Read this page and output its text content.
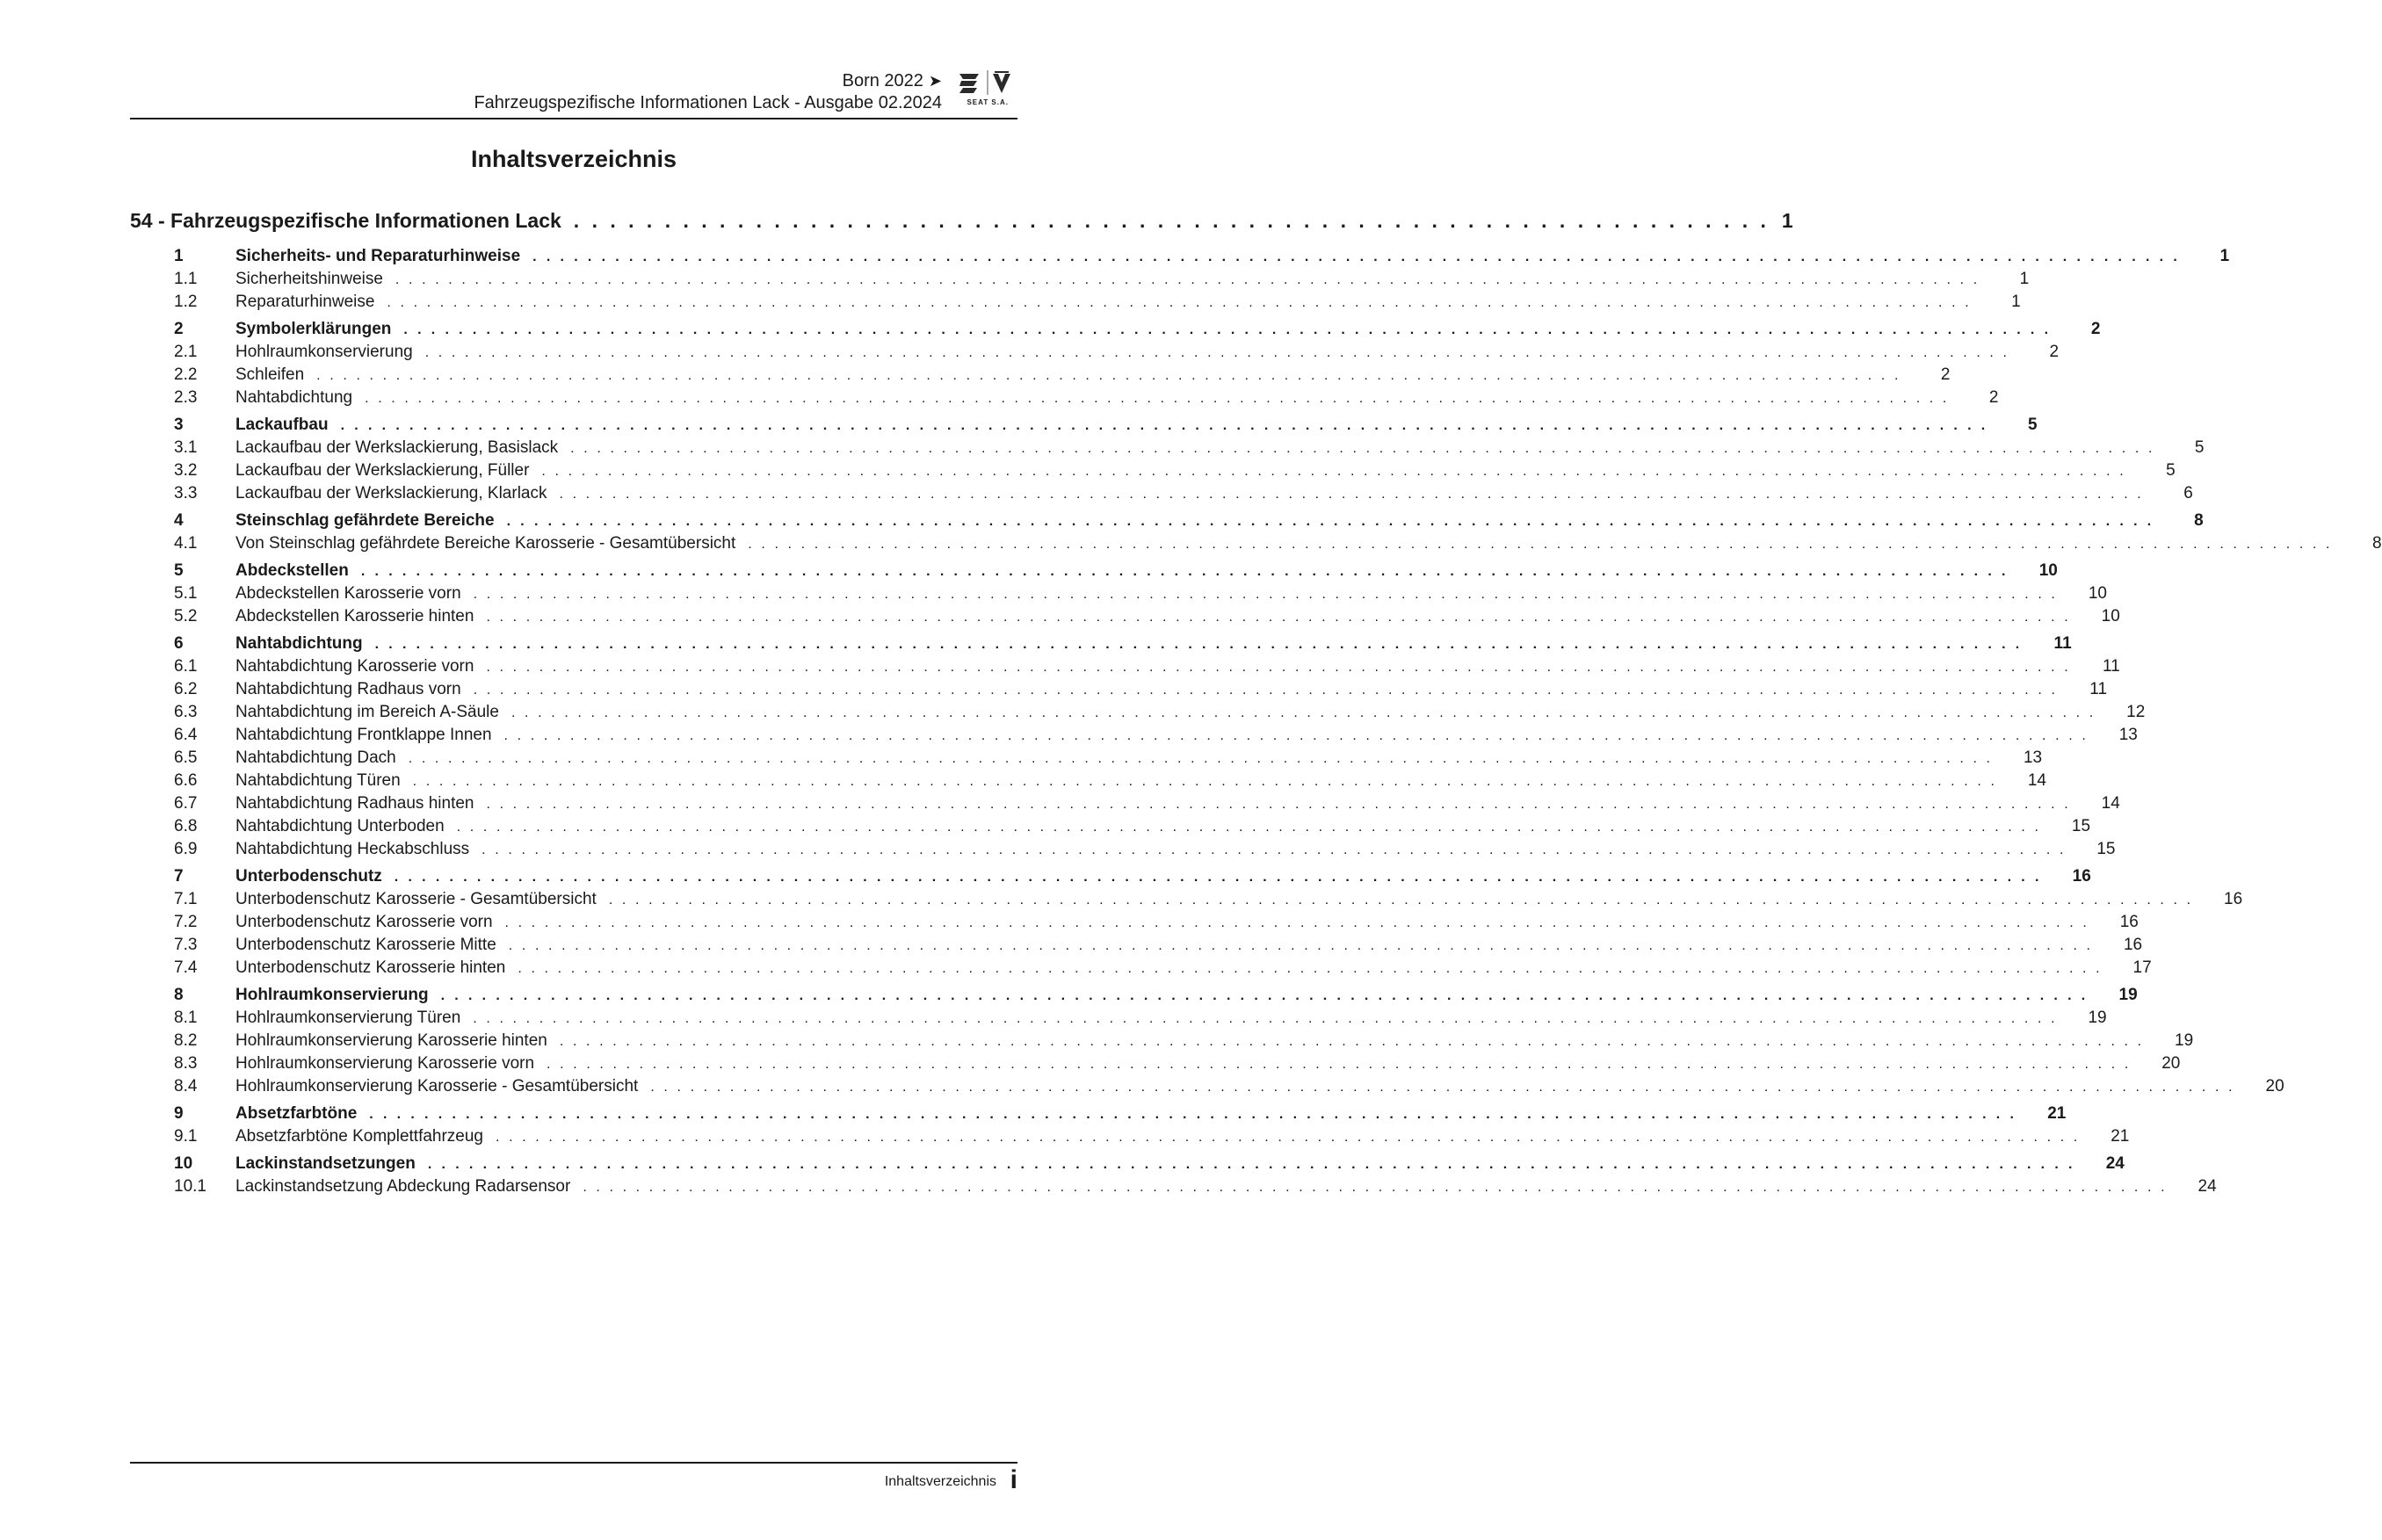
Born 2022 ➤
Fahrzeugspezifische Informationen Lack - Ausgabe 02.2024	SEAT S.A.
Inhaltsverzeichnis
54 - Fahrzeugspezifische Informationen Lack . . . . . . . . . . . . . . . . . . . . . . . . . . . . . . . . . . . . . . . . . . . . . . . . . . . . . . . . . . . . . . . . . . 1
1	Sicherheits- und Reparaturhinweise . . . . . . . . . . . . . . . . . . . . . . . . . . . . . . . . . . . . . . . . . . . . . . . . . . . . . . . . . . . . . . . . . . . . . . . . . . . . . . . . . . . . . . . . . . . . . . . . . . . . . . . . . . . . . . . . . . . . . . . .	1
1.1	Sicherheitshinweise . . . . . . . . . . . . . . . . . . . . . . . . . . . . . . . . . . . . . . . . . . . . . . . . . . . . . . . . . . . . . . . . . . . . . . . . . . . . . . . . . . . . . . . . . . . . . . . . . . . . . . . . . . . . . . . . . . . . . . . .	1
1.2	Reparaturhinweise . . . . . . . . . . . . . . . . . . . . . . . . . . . . . . . . . . . . . . . . . . . . . . . . . . . . . . . . . . . . . . . . . . . . . . . . . . . . . . . . . . . . . . . . . . . . . . . . . . . . . . . . . . . . . . . . . . . . . . . .	1
2	Symbolerklärungen . . . . . . . . . . . . . . . . . . . . . . . . . . . . . . . . . . . . . . . . . . . . . . . . . . . . . . . . . . . . . . . . . . . . . . . . . . . . . . . . . . . . . . . . . . . . . . . . . . . . . . . . . . . . . . . . . . . . . . . .	2
2.1	Hohlraumkonservierung . . . . . . . . . . . . . . . . . . . . . . . . . . . . . . . . . . . . . . . . . . . . . . . . . . . . . . . . . . . . . . . . . . . . . . . . . . . . . . . . . . . . . . . . . . . . . . . . . . . . . . . . . . . . . . . . . . . . . . . .	2
2.2	Schleifen . . . . . . . . . . . . . . . . . . . . . . . . . . . . . . . . . . . . . . . . . . . . . . . . . . . . . . . . . . . . . . . . . . . . . . . . . . . . . . . . . . . . . . . . . . . . . . . . . . . . . . . . . . . . . . . . . . . . . . . .	2
2.3	Nahtabdichtung . . . . . . . . . . . . . . . . . . . . . . . . . . . . . . . . . . . . . . . . . . . . . . . . . . . . . . . . . . . . . . . . . . . . . . . . . . . . . . . . . . . . . . . . . . . . . . . . . . . . . . . . . . . . . . . . . . . . . . . .	2
3	Lackaufbau . . . . . . . . . . . . . . . . . . . . . . . . . . . . . . . . . . . . . . . . . . . . . . . . . . . . . . . . . . . . . . . . . . . . . . . . . . . . . . . . . . . . . . . . . . . . . . . . . . . . . . . . . . . . . . . . . . . . . . . .	5
3.1	Lackaufbau der Werkslackierung, Basislack . . . . . . . . . . . . . . . . . . . . . . . . . . . . . . . . . . . . . . . . . . . . . . . . . . . . . . . . . . . . . . . . . . . . . . . . . . . . . . . . . . . . . . . . . . . . . . . . . . . . . . . . . . . . . . . . . . . . . . . .	5
3.2	Lackaufbau der Werkslackierung, Füller . . . . . . . . . . . . . . . . . . . . . . . . . . . . . . . . . . . . . . . . . . . . . . . . . . . . . . . . . . . . . . . . . . . . . . . . . . . . . . . . . . . . . . . . . . . . . . . . . . . . . . . . . . . . . . . . . . . . . . . .	5
3.3	Lackaufbau der Werkslackierung, Klarlack . . . . . . . . . . . . . . . . . . . . . . . . . . . . . . . . . . . . . . . . . . . . . . . . . . . . . . . . . . . . . . . . . . . . . . . . . . . . . . . . . . . . . . . . . . . . . . . . . . . . . . . . . . . . . . . . . . . . . . . .	6
4	Steinschlag gefährdete Bereiche . . . . . . . . . . . . . . . . . . . . . . . . . . . . . . . . . . . . . . . . . . . . . . . . . . . . . . . . . . . . . . . . . . . . . . . . . . . . . . . . . . . . . . . . . . . . . . . . . . . . . . . . . . . . . . . . . . . . . . . .	8
4.1	Von Steinschlag gefährdete Bereiche Karosserie - Gesamtübersicht . . . . . . . . . . . . . . . . . . . . . . . . . . . . . . . . . . . . . . . . . . . . . . . . . . . . . . . . . . . . . . . . . . . . . . . . . . . . . . . . . . . . . . . . . . . . . . . . . . . . . . . . . . . . . . . . . . . . . . . .	8
5	Abdeckstellen . . . . . . . . . . . . . . . . . . . . . . . . . . . . . . . . . . . . . . . . . . . . . . . . . . . . . . . . . . . . . . . . . . . . . . . . . . . . . . . . . . . . . . . . . . . . . . . . . . . . . . . . . . . . . . . . . . . . . . . .	10
5.1	Abdeckstellen Karosserie vorn . . . . . . . . . . . . . . . . . . . . . . . . . . . . . . . . . . . . . . . . . . . . . . . . . . . . . . . . . . . . . . . . . . . . . . . . . . . . . . . . . . . . . . . . . . . . . . . . . . . . . . . . . . . . . . . . . . . . . . . .	10
5.2	Abdeckstellen Karosserie hinten . . . . . . . . . . . . . . . . . . . . . . . . . . . . . . . . . . . . . . . . . . . . . . . . . . . . . . . . . . . . . . . . . . . . . . . . . . . . . . . . . . . . . . . . . . . . . . . . . . . . . . . . . . . . . . . . . . . . . . . .	10
6	Nahtabdichtung . . . . . . . . . . . . . . . . . . . . . . . . . . . . . . . . . . . . . . . . . . . . . . . . . . . . . . . . . . . . . . . . . . . . . . . . . . . . . . . . . . . . . . . . . . . . . . . . . . . . . . . . . . . . . . . . . . . . . . . .	11
6.1	Nahtabdichtung Karosserie vorn . . . . . . . . . . . . . . . . . . . . . . . . . . . . . . . . . . . . . . . . . . . . . . . . . . . . . . . . . . . . . . . . . . . . . . . . . . . . . . . . . . . . . . . . . . . . . . . . . . . . . . . . . . . . . . . . . . . . . . . .	11
6.2	Nahtabdichtung Radhaus vorn . . . . . . . . . . . . . . . . . . . . . . . . . . . . . . . . . . . . . . . . . . . . . . . . . . . . . . . . . . . . . . . . . . . . . . . . . . . . . . . . . . . . . . . . . . . . . . . . . . . . . . . . . . . . . . . . . . . . . . . .	11
6.3	Nahtabdichtung im Bereich A-Säule . . . . . . . . . . . . . . . . . . . . . . . . . . . . . . . . . . . . . . . . . . . . . . . . . . . . . . . . . . . . . . . . . . . . . . . . . . . . . . . . . . . . . . . . . . . . . . . . . . . . . . . . . . . . . . . . . . . . . . . .	12
6.4	Nahtabdichtung Frontklappe Innen . . . . . . . . . . . . . . . . . . . . . . . . . . . . . . . . . . . . . . . . . . . . . . . . . . . . . . . . . . . . . . . . . . . . . . . . . . . . . . . . . . . . . . . . . . . . . . . . . . . . . . . . . . . . . . . . . . . . . . . .	13
6.5	Nahtabdichtung Dach . . . . . . . . . . . . . . . . . . . . . . . . . . . . . . . . . . . . . . . . . . . . . . . . . . . . . . . . . . . . . . . . . . . . . . . . . . . . . . . . . . . . . . . . . . . . . . . . . . . . . . . . . . . . . . . . . . . . . . . .	13
6.6	Nahtabdichtung Türen . . . . . . . . . . . . . . . . . . . . . . . . . . . . . . . . . . . . . . . . . . . . . . . . . . . . . . . . . . . . . . . . . . . . . . . . . . . . . . . . . . . . . . . . . . . . . . . . . . . . . . . . . . . . . . . . . . . . . . . .	14
6.7	Nahtabdichtung Radhaus hinten . . . . . . . . . . . . . . . . . . . . . . . . . . . . . . . . . . . . . . . . . . . . . . . . . . . . . . . . . . . . . . . . . . . . . . . . . . . . . . . . . . . . . . . . . . . . . . . . . . . . . . . . . . . . . . . . . . . . . . . .	14
6.8	Nahtabdichtung Unterboden . . . . . . . . . . . . . . . . . . . . . . . . . . . . . . . . . . . . . . . . . . . . . . . . . . . . . . . . . . . . . . . . . . . . . . . . . . . . . . . . . . . . . . . . . . . . . . . . . . . . . . . . . . . . . . . . . . . . . . . .	15
6.9	Nahtabdichtung Heckabschluss . . . . . . . . . . . . . . . . . . . . . . . . . . . . . . . . . . . . . . . . . . . . . . . . . . . . . . . . . . . . . . . . . . . . . . . . . . . . . . . . . . . . . . . . . . . . . . . . . . . . . . . . . . . . . . . . . . . . . . . .	15
7	Unterbodenschutz . . . . . . . . . . . . . . . . . . . . . . . . . . . . . . . . . . . . . . . . . . . . . . . . . . . . . . . . . . . . . . . . . . . . . . . . . . . . . . . . . . . . . . . . . . . . . . . . . . . . . . . . . . . . . . . . . . . . . . . .	16
7.1	Unterbodenschutz Karosserie - Gesamtübersicht . . . . . . . . . . . . . . . . . . . . . . . . . . . . . . . . . . . . . . . . . . . . . . . . . . . . . . . . . . . . . . . . . . . . . . . . . . . . . . . . . . . . . . . . . . . . . . . . . . . . . . . . . . . . . . . . . . . . . . . .	16
7.2	Unterbodenschutz Karosserie vorn . . . . . . . . . . . . . . . . . . . . . . . . . . . . . . . . . . . . . . . . . . . . . . . . . . . . . . . . . . . . . . . . . . . . . . . . . . . . . . . . . . . . . . . . . . . . . . . . . . . . . . . . . . . . . . . . . . . . . . . .	16
7.3	Unterbodenschutz Karosserie Mitte . . . . . . . . . . . . . . . . . . . . . . . . . . . . . . . . . . . . . . . . . . . . . . . . . . . . . . . . . . . . . . . . . . . . . . . . . . . . . . . . . . . . . . . . . . . . . . . . . . . . . . . . . . . . . . . . . . . . . . . .	16
7.4	Unterbodenschutz Karosserie hinten . . . . . . . . . . . . . . . . . . . . . . . . . . . . . . . . . . . . . . . . . . . . . . . . . . . . . . . . . . . . . . . . . . . . . . . . . . . . . . . . . . . . . . . . . . . . . . . . . . . . . . . . . . . . . . . . . . . . . . . .	17
8	Hohlraumkonservierung . . . . . . . . . . . . . . . . . . . . . . . . . . . . . . . . . . . . . . . . . . . . . . . . . . . . . . . . . . . . . . . . . . . . . . . . . . . . . . . . . . . . . . . . . . . . . . . . . . . . . . . . . . . . . . . . . . . . . . . .	19
8.1	Hohlraumkonservierung Türen . . . . . . . . . . . . . . . . . . . . . . . . . . . . . . . . . . . . . . . . . . . . . . . . . . . . . . . . . . . . . . . . . . . . . . . . . . . . . . . . . . . . . . . . . . . . . . . . . . . . . . . . . . . . . . . . . . . . . . . .	19
8.2	Hohlraumkonservierung Karosserie hinten . . . . . . . . . . . . . . . . . . . . . . . . . . . . . . . . . . . . . . . . . . . . . . . . . . . . . . . . . . . . . . . . . . . . . . . . . . . . . . . . . . . . . . . . . . . . . . . . . . . . . . . . . . . . . . . . . . . . . . . .	19
8.3	Hohlraumkonservierung Karosserie vorn . . . . . . . . . . . . . . . . . . . . . . . . . . . . . . . . . . . . . . . . . . . . . . . . . . . . . . . . . . . . . . . . . . . . . . . . . . . . . . . . . . . . . . . . . . . . . . . . . . . . . . . . . . . . . . . . . . . . . . . .	20
8.4	Hohlraumkonservierung Karosserie - Gesamtübersicht . . . . . . . . . . . . . . . . . . . . . . . . . . . . . . . . . . . . . . . . . . . . . . . . . . . . . . . . . . . . . . . . . . . . . . . . . . . . . . . . . . . . . . . . . . . . . . . . . . . . . . . . . . . . . . . . . . . . . . . .	20
9	Absetzfarbtöne . . . . . . . . . . . . . . . . . . . . . . . . . . . . . . . . . . . . . . . . . . . . . . . . . . . . . . . . . . . . . . . . . . . . . . . . . . . . . . . . . . . . . . . . . . . . . . . . . . . . . . . . . . . . . . . . . . . . . . . .	21
9.1	Absetzfarbtöne Komplettfahrzeug . . . . . . . . . . . . . . . . . . . . . . . . . . . . . . . . . . . . . . . . . . . . . . . . . . . . . . . . . . . . . . . . . . . . . . . . . . . . . . . . . . . . . . . . . . . . . . . . . . . . . . . . . . . . . . . . . . . . . . . .	21
10	Lackinstandsetzungen . . . . . . . . . . . . . . . . . . . . . . . . . . . . . . . . . . . . . . . . . . . . . . . . . . . . . . . . . . . . . . . . . . . . . . . . . . . . . . . . . . . . . . . . . . . . . . . . . . . . . . . . . . . . . . . . . . . . . . . .	24
10.1	Lackinstandsetzung Abdeckung Radarsensor . . . . . . . . . . . . . . . . . . . . . . . . . . . . . . . . . . . . . . . . . . . . . . . . . . . . . . . . . . . . . . . . . . . . . . . . . . . . . . . . . . . . . . . . . . . . . . . . . . . . . . . . . . . . . . . . . . . . . . . .	24
Inhaltsverzeichnis i
